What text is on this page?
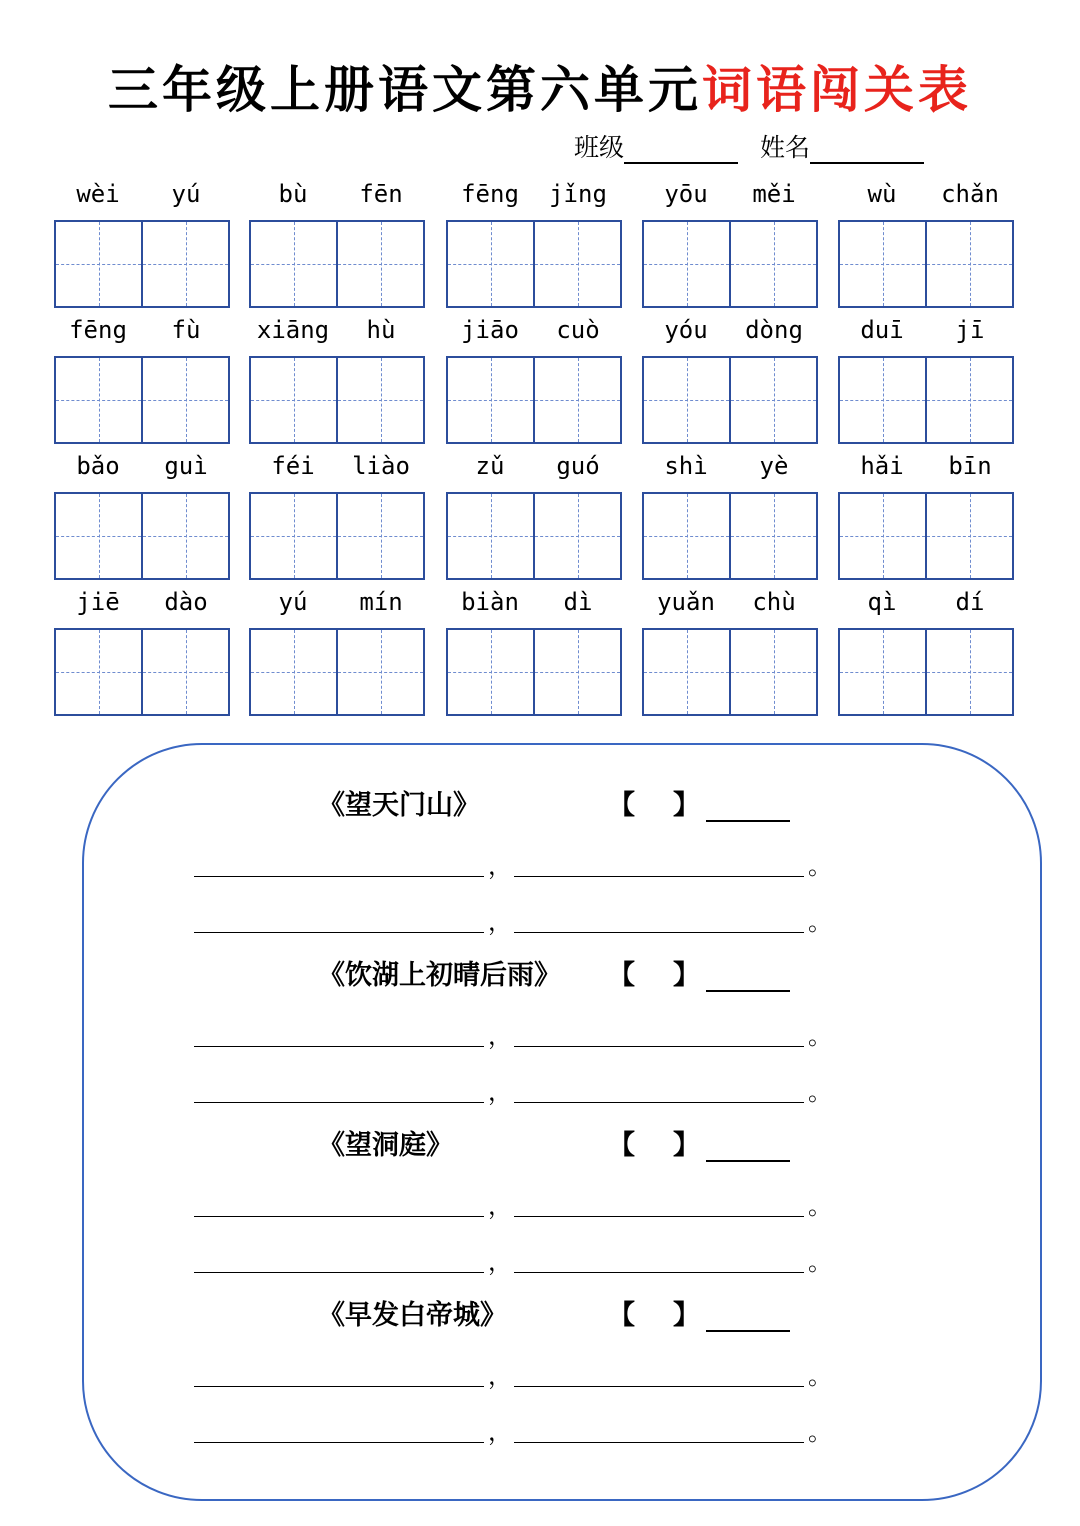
三年级上册语文第六单元词语闯关表
班级	姓名
wèi	yú	bù	fēn	fēng	jǐng	yōu	měi	wù	chǎn
fēng	fù	xiāng	hù	jiāo	cuò	yóu	dòng	duī	jī
bǎo	guì	féi	liào	zǔ	guó	shì	yè	hǎi	bīn
jiē	dào	yú	mín	biàn	dì	yuǎn	chù	qì	dí
《望天门山》	【 】
，	。
，	。
《饮湖上初晴后雨》 【 】
，	。
，	。
《望洞庭》	【 】
，	。
，	。
《早发白帝城》	【 】
，	。
，	。
